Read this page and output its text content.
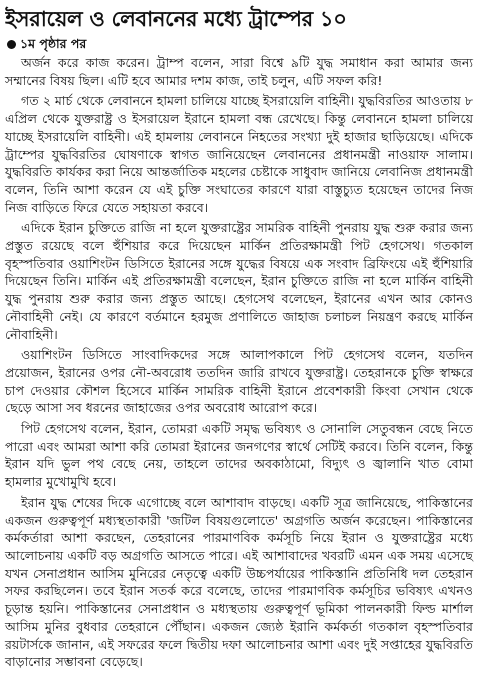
ইসরায়েল ও লেবাননের মধ্যে ট্রাম্পের ১০
১ম পৃষ্ঠার পর

অর্জন করে কাজ করেন। ট্রাম্প বলেন, সারা বিশ্বে ৯টি যুদ্ধ সমাধান করা আমার জন্য সম্মানের বিষয় ছিল। এটি হবে আমার দশম কাজ, তাই চলুন, এটি সফল করি!

গত ২ মার্চ থেকে লেবাননে হামলা চালিয়ে যাচ্ছে ইসরায়েলি বাহিনী। যুদ্ধবিরতির আওতায় ৮ এপ্রিল থেকে যুক্তরাষ্ট্র ও ইসরায়েল ইরানে হামলা বন্ধ রেখেছে। কিন্তু লেবাননে হামলা চালিয়ে যাচ্ছে ইসরায়েলি বাহিনী। এই হামলায় লেবাননে নিহতের সংখ্যা দুই হাজার ছাড়িয়েছে। এদিকে ট্রাম্পের যুদ্ধবিরতির ঘোষণাকে স্বাগত জানিয়েছেন লেবাননের প্রধানমন্ত্রী নাওয়াফ সালাম। যুদ্ধবিরতি কার্যকর করা নিয়ে আন্তর্জাতিক মহলের চেষ্টাকে সাধুবাদ জানিয়ে লেবানিজ প্রধানমন্ত্রী বলেন, তিনি আশা করেন যে এই চুক্তি সংঘাতের কারণে যারা বাস্তুচ্যুত হয়েছেন তাদের নিজ নিজ বাড়িতে ফিরে যেতে সহায়তা করবে।

এদিকে ইরান চুক্তিতে রাজি না হলে যুক্তরাষ্ট্রের সামরিক বাহিনী পুনরায় যুদ্ধ শুরু করার জন্য প্রস্তুত রয়েছে বলে হুঁশিয়ার করে দিয়েছেন মার্কিন প্রতিরক্ষামন্ত্রী পিট হেগসেথ। গতকাল বৃহস্পতিবার ওয়াশিংটন ডিসিতে ইরানের সঙ্গে যুদ্ধের বিষয়ে এক সংবাদ ব্রিফিংয়ে এই হুঁশিয়ারি দিয়েছেন তিনি। মার্কিন এই প্রতিরক্ষামন্ত্রী বলেছেন, ইরান চুক্তিতে রাজি না হলে মার্কিন বাহিনী যুদ্ধ পুনরায় শুরু করার জন্য প্রস্তুত আছে। হেগসেথ বলেছেন, ইরানের এখন আর কোনও নৌবাহিনী নেই। যে কারণে বর্তমানে হরমুজ প্রণালিতে জাহাজ চলাচল নিয়ন্ত্রণ করছে মার্কিন নৌবাহিনী।

ওয়াশিংটন ডিসিতে সাংবাদিকদের সঙ্গে আলাপকালে পিট হেগসেথ বলেন, যতদিন প্রয়োজন, ইরানের ওপর নৌ-অবরোধ ততদিন জারি রাখবে যুক্তরাষ্ট্র। তেহরানকে চুক্তি স্বাক্ষরে চাপ দেওয়ার কৌশল হিসেবে মার্কিন সামরিক বাহিনী ইরানে প্রবেশকারী কিংবা সেখান থেকে ছেড়ে আসা সব ধরনের জাহাজের ওপর অবরোধ আরোপ করে।

পিট হেগসেথ বলেন, ইরান, তোমরা একটি সমৃদ্ধ ভবিষ্যৎ ও সোনালি সেতুবন্ধন বেছে নিতে পারো এবং আমরা আশা করি তোমরা ইরানের জনগণের স্বার্থে সেটিই করবে। তিনি বলেন, কিন্তু ইরান যদি ভুল পথ বেছে নেয়, তাহলে তাদের অবকাঠামো, বিদ্যুৎ ও জ্বালানি খাত বোমা হামলার মুখোমুখি হবে।

ইরান যুদ্ধ শেষের দিকে এগোচ্ছে বলে আশাবাদ বাড়ছে। একটি সূত্র জানিয়েছে, পাকিস্তানের একজন গুরুত্বপূর্ণ মধ্যস্থতাকারী 'জটিল বিষয়গুলোতে' অগ্রগতি অর্জন করেছেন। পাকিস্তানের কর্মকর্তারা আশা করছেন, তেহরানের পারমাণবিক কর্মসূচি নিয়ে ইরান ও যুক্তরাষ্ট্রের মধ্যে আলোচনায় একটি বড় অগ্রগতি আসতে পারে। এই আশাবাদের খবরটি এমন এক সময় এসেছে যখন সেনাপ্রধান আসিম মুনিরের নেতৃত্বে একটি উচ্চপর্যায়ের পাকিস্তানি প্রতিনিধি দল তেহরান সফর করছিলেন। তবে ইরান সতর্ক করে বলেছে, তাদের পারমাণবিক কর্মসূচির ভবিষ্যৎ এখনও চূড়ান্ত হয়নি। পাকিস্তানের সেনাপ্রধান ও মধ্যস্থতায় গুরুত্বপূর্ণ ভূমিকা পালনকারী ফিল্ড মার্শাল আসিম মুনির বুধবার তেহরানে পৌঁছান। একজন জ্যেষ্ঠ ইরানি কর্মকর্তা গতকাল বৃহস্পতিবার রয়টার্সকে জানান, এই সফরের ফলে দ্বিতীয় দফা আলোচনার আশা এবং দুই সপ্তাহের যুদ্ধবিরতি বাড়ানোর সম্ভাবনা বেড়েছে।
